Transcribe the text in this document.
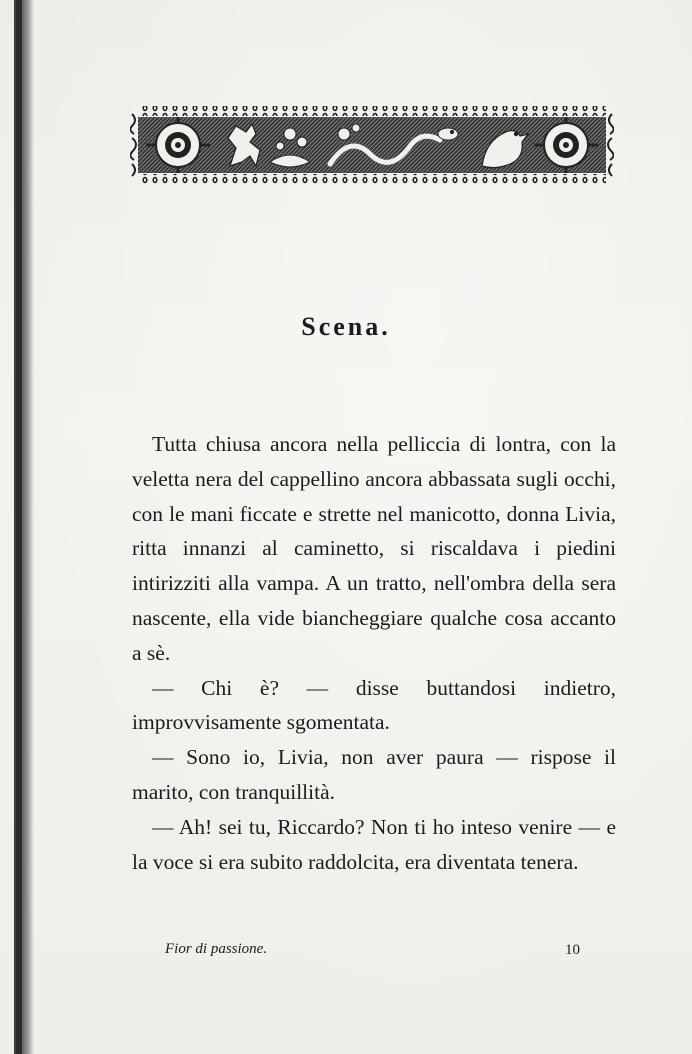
Scena.

Tutta chiusa ancora nella pelliccia di lontra, con la veletta nera del cappellino ancora abbassata sugli occhi, con le mani ficcate e strette nel manicotto, donna Livia, ritta innanzi al caminetto, si riscaldava i piedini intirizziti alla vampa. A un tratto, nell'ombra della sera nascente, ella vide biancheggiare qualche cosa accanto a sè.

— Chi è? — disse buttandosi indietro, improvvisamente sgomentata.

— Sono io, Livia, non aver paura — rispose il marito, con tranquillità.

— Ah! sei tu, Riccardo? Non ti ho inteso venire — e la voce si era subito raddolcita, era diventata tenera.

Fior di passione.	10
